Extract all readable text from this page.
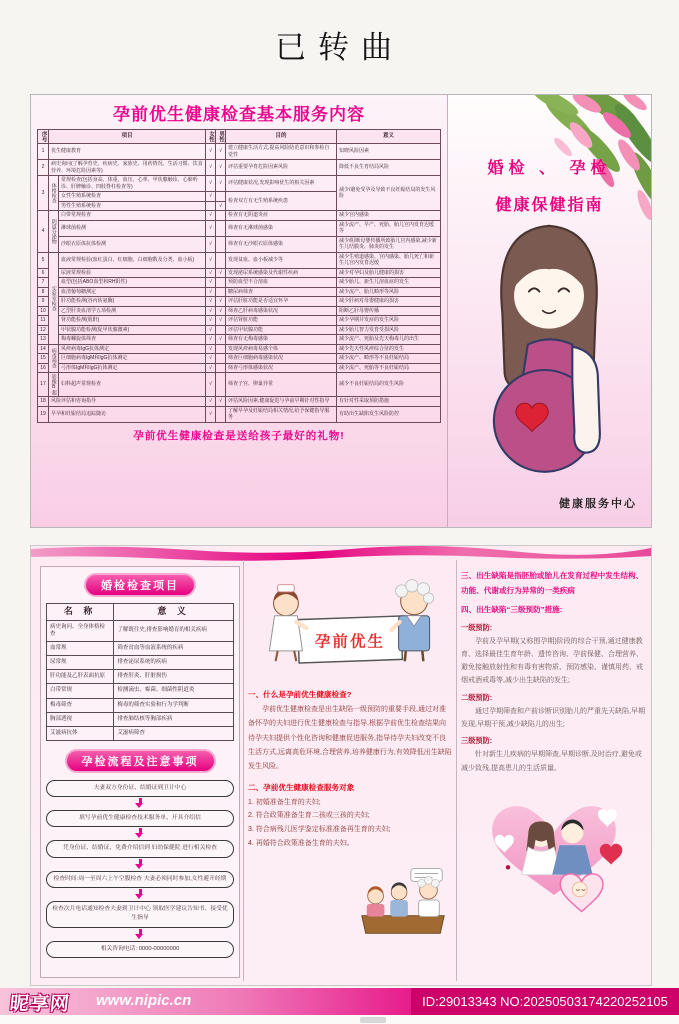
已转曲
孕前优生健康检查基本服务内容
序号	项目		女性	男性	目的	意义
1	优生健康教育		√	√	建立健康生活方式,提高风险防范意识和参检自觉性	知晓风险因素
2	病史询问(了解孕育史、疾病史、家族史、用药情况、生活习惯、饮食营养、环境危险因素等)		√	√	评估重要孕育危险因素风险	降低不良生育结局风险
3	体格检查	常规检查(包括身高、体重、血压、心率、甲状腺触诊、心肺听诊、肝脾触诊、四肢脊柱检查等)	√	√	评估健康状况,发现影响优生的相关因素	减少/避免受孕及导致不良妊娠结局的发生风险
		女性生殖系统检查	√		检查双方有无生殖系统疾患	
		男性生殖系统检查		√		
4	阴道分泌物	白带常规检查	√		检查有无阴道炎症	减少宫内感染
		淋球菌检测	√		筛查有无淋球菌感染	减少流产、早产、死胎、胎儿宫内发育迟缓等
		沙眼衣原体抗体检测	√		筛查有无沙眼衣原体感染	减少/阻断母婴传播所致胎儿宫内感染,减少新生儿结膜炎、肺炎的发生
5	实验室检查	血液常规检验(血红蛋白、红细胞、白细胞数及分类、血小板)	√		发现贫血、血小板减少等	减少生殖道感染、宫内感染、胎儿死亡和新生儿宫内发育迟缓
6		尿液常规检验	√	√	发现泌尿系统感染及代谢性疾病	减少对孕妇及胎儿健康的损害
7		血型(包括ABO血型和RH阳性)	√		预防血型不合溶血	减少胎儿、新生儿溶血症的发生
8		血清葡萄糖测定	√		糖尿病筛查	减少流产、胎儿畸形等风险
9		肝功能检测(谷丙转氨酶)	√	√	评估肝脏功能是否适宜怀孕	减少肝病对母婴健康的损害
10		乙型肝炎血清学五项检测	√	√	筛查乙肝病毒感染状况	阻断乙肝母婴传播
11		肾功能检测(肌酐)	√	√	评估肾脏功能	减少孕期并发症的发生风险
12		甲状腺功能检测(促甲状腺激素)	√		评估甲状腺功能	减少胎儿智力发育受损风险
13		梅毒螺旋体筛查	√	√	筛查有无梅毒感染	减少流产、死胎及先天梅毒儿的出生
14	病毒筛查	风疹病毒IgG抗体测定	√		发现风疹病毒易感个体	减少先天性风疹综合征的发生
15		巨细胞病毒IgM和IgG抗体测定	√		筛查巨细胞病毒感染状况	减少流产、畸形等不良妊娠结局
16		弓形体IgM和IgG抗体测定	√		筛查弓形体感染状况	减少流产、死胎等不良妊娠结局
17	影像B超	妇科超声常规检查	√		筛查子宫、卵巢异常	减少不良妊娠结局的发生风险
18	风险评估和咨询指导		√	√	评估风险因素,健康促进与孕前早期针对性指导	有针对性采取预防措施
19	早孕和妊娠结局追踪随访		√		了解早孕及妊娠结局相关情况,给予保健指导服务	有助出生缺陷发生风险防控
孕前优生健康检查是送给孩子最好的礼物!
婚检 、 孕检
健康保健指南
健康服务中心
婚检检查项目
名 称	意 义
病史询问、全身体格检查	了解既往史,排查影响婚育的相关疾病
血常规	筛查贫血等血液系统的疾病
尿常规	排查泌尿系统的疾病
肝功能及乙肝表面抗原	排查肝炎、肝脏损伤
白带常规	检测滴虫、霉菌、细菌性阴道炎
梅毒筛查	梅毒的筛查实验和行为学判断
胸部透视	排查肺结核等胸部疾病
艾滋病抗体	艾滋病筛查
孕检流程及注意事项
夫妻双方身份证、结婚证到卫计中心
填写孕前优生健康检查技术服务单、开具介绍信
凭身份证、结婚证、免费介绍信到 妇幼保健院 进行相关检查
检查时间:周一至周六上午空腹检查 夫妻必须同时参加,女性避开经期
检查次月电话通知检查夫妻到卫计中心 领取医学建议告知书、接受优生指导
相关咨询电话: 0000-00000000
孕前优生
一、什么是孕前优生健康检查?

孕前优生健康检查是出生缺陷一级预防的重要手段,通过对准备怀孕的夫妇进行优生健康检查与指导,根据孕前优生检查结果向待孕夫妇提供个性化咨询和健康促进服务,指导待孕夫妇改变不良生活方式,远离高危环境,合理营养,培养健康行为,有效降低出生缺陷发生风险。

二、孕前优生健康检查服务对象
1. 初婚准备生育的夫妇;
2. 符合政策准备生育二孩或三孩的夫妇;
3. 符合病残儿医学鉴定标准准备再生育的夫妇;
4. 再婚符合政策准备生育的夫妇。
三、出生缺陷是指胚胎或胎儿在发育过程中发生结构、功能、代谢或行为异常的一类疾病
四、出生缺陷“三级预防”措施:
一级预防:

孕前及孕早期(又称围孕期)阶段的综合干预,通过健康教育、选择最佳生育年龄、遗传咨询、孕前保健、合理营养、避免接触放射性和有毒有害物质、预防感染、谨慎用药、戒烟戒酒戒毒等,减少出生缺陷的发生;

二级预防:

通过孕期筛查和产前诊断识别胎儿的严重先天缺陷,早期发现,早期干预,减少缺陷儿的出生;

三级预防:

针对新生儿疾病的早期筛查,早期诊断,及时治疗,避免或减少致残,提高患儿的生活质量。

昵享网 www.nipic.cn	ID:29013343 NO:20250503174220252105
